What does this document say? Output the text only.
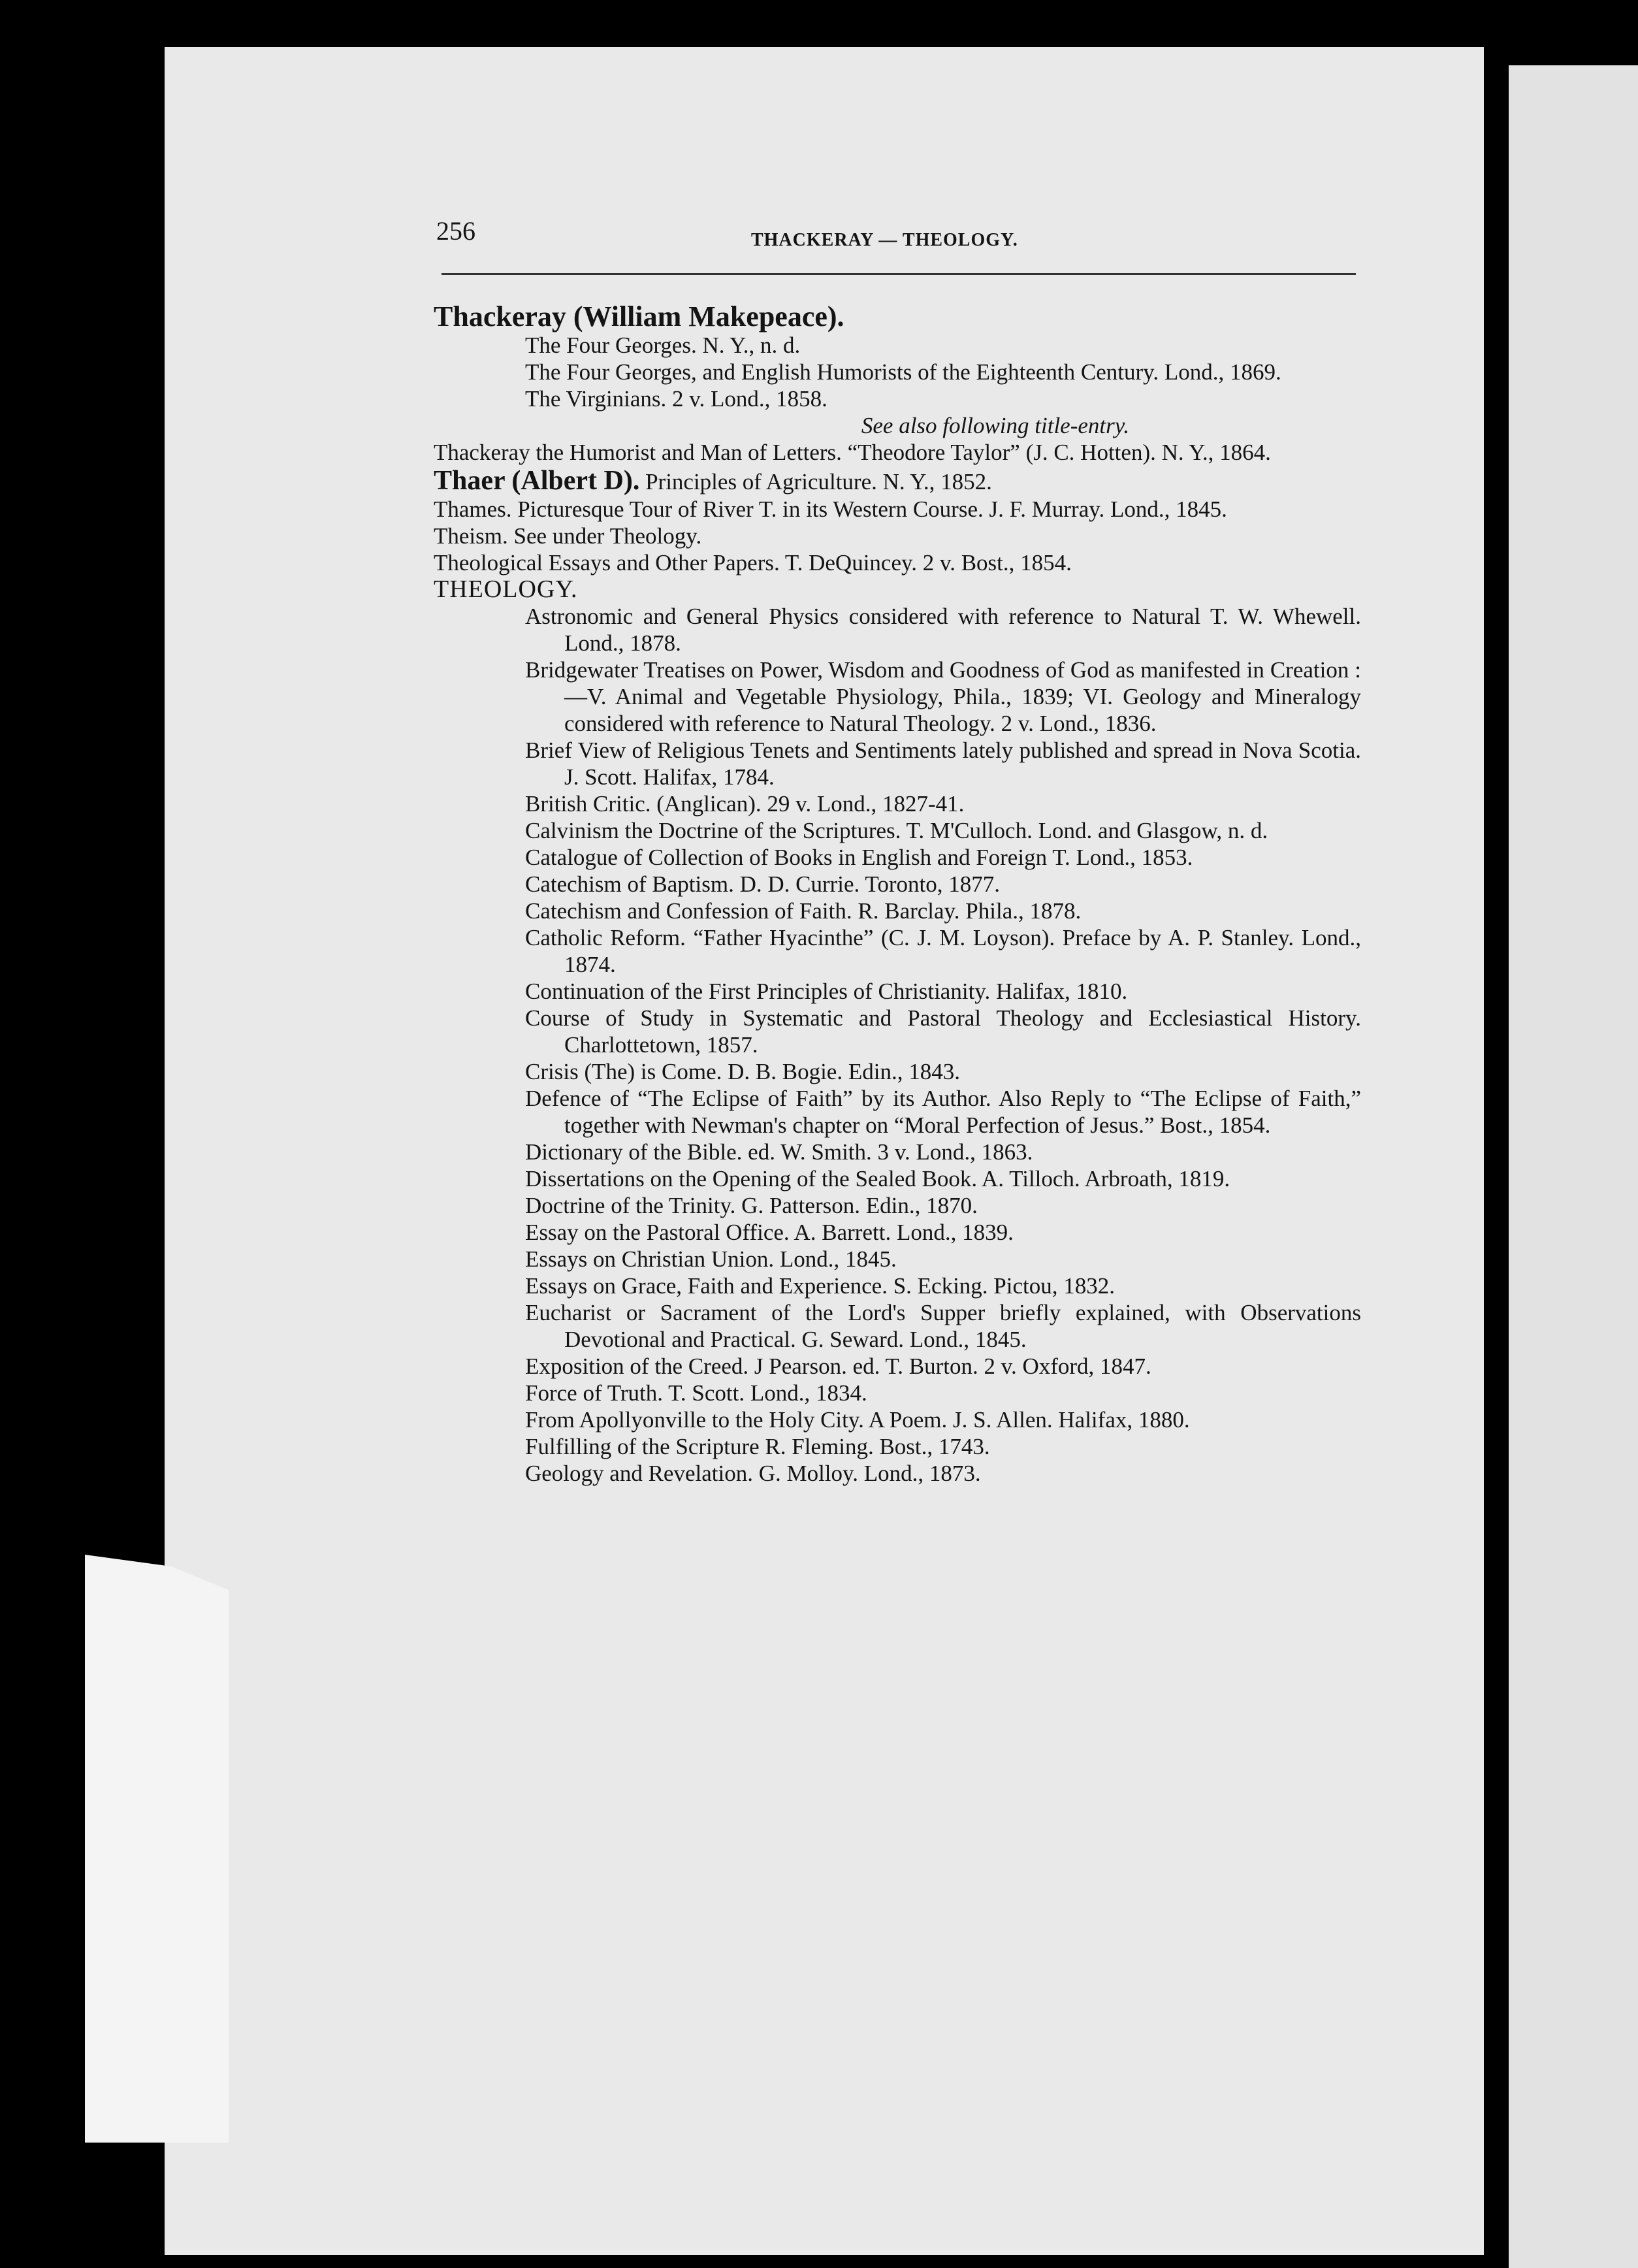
256	THACKERAY — THEOLOGY.

Thackeray (William Makepeace).

The Four Georges. N. Y., n. d.

The Four Georges, and English Humorists of the Eighteenth Century. Lond., 1869.

The Virginians. 2 v. Lond., 1858.

See also following title-entry.

Thackeray the Humorist and Man of Letters. “Theodore Taylor” (J. C. Hotten). N. Y., 1864.

Thaer (Albert D). Principles of Agriculture. N. Y., 1852.

Thames. Picturesque Tour of River T. in its Western Course. J. F. Murray. Lond., 1845.

Theism. See under Theology.

Theological Essays and Other Papers. T. DeQuincey. 2 v. Bost., 1854.

THEOLOGY.

Astronomic and General Physics considered with reference to Natural T. W. Whewell. Lond., 1878.

Bridgewater Treatises on Power, Wisdom and Goodness of God as manifested in Creation :—V. Animal and Vegetable Physiology, Phila., 1839; VI. Geology and Mineralogy considered with reference to Natural Theology. 2 v. Lond., 1836.

Brief View of Religious Tenets and Sentiments lately published and spread in Nova Scotia. J. Scott. Halifax, 1784.

British Critic. (Anglican). 29 v. Lond., 1827-41.

Calvinism the Doctrine of the Scriptures. T. M'Culloch. Lond. and Glasgow, n. d.

Catalogue of Collection of Books in English and Foreign T. Lond., 1853.

Catechism of Baptism. D. D. Currie. Toronto, 1877.

Catechism and Confession of Faith. R. Barclay. Phila., 1878.

Catholic Reform. “Father Hyacinthe” (C. J. M. Loyson). Preface by A. P. Stanley. Lond., 1874.

Continuation of the First Principles of Christianity. Halifax, 1810.

Course of Study in Systematic and Pastoral Theology and Ecclesiastical History. Charlottetown, 1857.

Crisis (The) is Come. D. B. Bogie. Edin., 1843.

Defence of “The Eclipse of Faith” by its Author. Also Reply to “The Eclipse of Faith,” together with Newman's chapter on “Moral Perfection of Jesus.” Bost., 1854.

Dictionary of the Bible. ed. W. Smith. 3 v. Lond., 1863.

Dissertations on the Opening of the Sealed Book. A. Tilloch. Arbroath, 1819.

Doctrine of the Trinity. G. Patterson. Edin., 1870.

Essay on the Pastoral Office. A. Barrett. Lond., 1839.

Essays on Christian Union. Lond., 1845.

Essays on Grace, Faith and Experience. S. Ecking. Pictou, 1832.

Eucharist or Sacrament of the Lord's Supper briefly explained, with Observations Devotional and Practical. G. Seward. Lond., 1845.

Exposition of the Creed. J Pearson. ed. T. Burton. 2 v. Oxford, 1847.

Force of Truth. T. Scott. Lond., 1834.

From Apollyonville to the Holy City. A Poem. J. S. Allen. Halifax, 1880.

Fulfilling of the Scripture R. Fleming. Bost., 1743.

Geology and Revelation. G. Molloy. Lond., 1873.
